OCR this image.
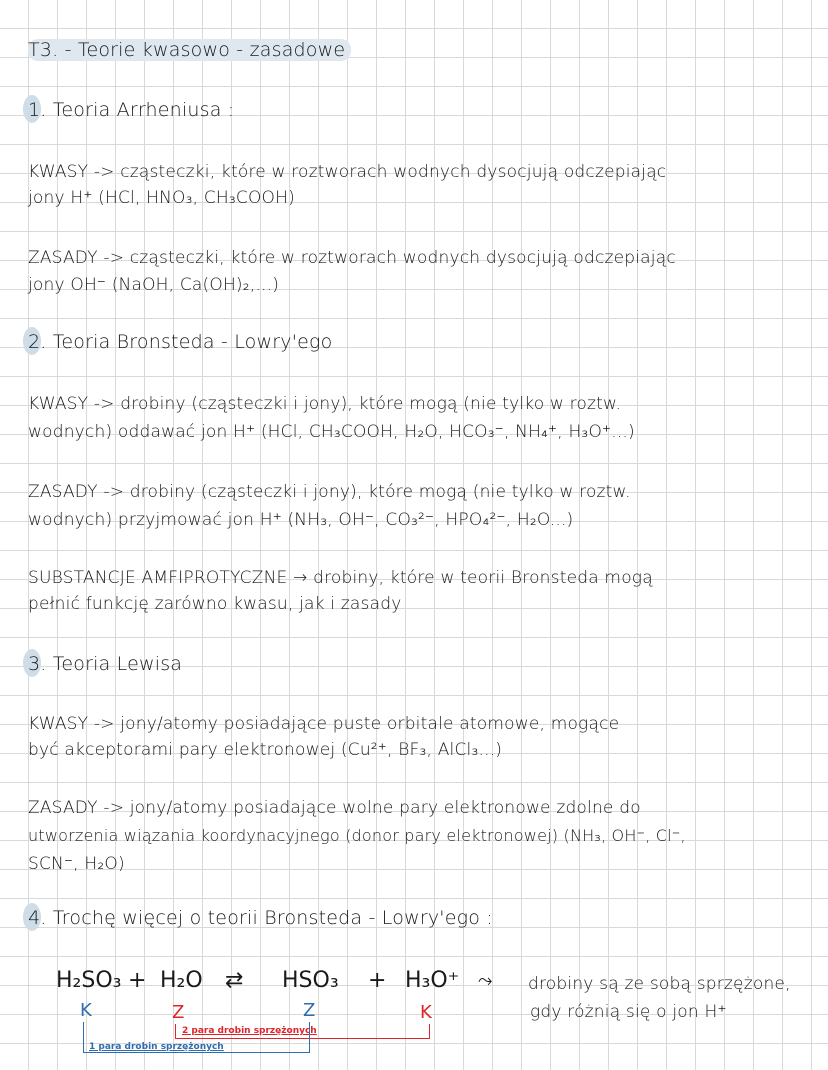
T3. - Teorie kwasowo - zasadowe
1. Teoria Arrheniusa :
KWASY -> cząsteczki, które w roztworach wodnych dysocjują odczepiając
jony H⁺ (HCl, HNO₃, CH₃COOH)
ZASADY -> cząsteczki, które w roztworach wodnych dysocjują odczepiając
jony OH⁻ (NaOH, Ca(OH)₂,...)
2. Teoria Bronsteda - Lowry'ego
KWASY -> drobiny (cząsteczki i jony), które mogą (nie tylko w roztw.
wodnych) oddawać jon H⁺ (HCl, CH₃COOH, H₂O, HCO₃⁻, NH₄⁺, H₃O⁺...)
ZASADY -> drobiny (cząsteczki i jony), które mogą (nie tylko w roztw.
wodnych) przyjmować jon H⁺ (NH₃, OH⁻, CO₃²⁻, HPO₄²⁻, H₂O...)
SUBSTANCJE AMFIPROTYCZNE → drobiny, które w teorii Bronsteda mogą
pełnić funkcję zarówno kwasu, jak i zasady
3. Teoria Lewisa
KWASY -> jony/atomy posiadające puste orbitale atomowe, mogące
być akceptorami pary elektronowej (Cu²⁺, BF₃, AlCl₃...)
ZASADY -> jony/atomy posiadające wolne pary elektronowe zdolne do
utworzenia wiązania koordynacyjnego (donor pary elektronowej) (NH₃, OH⁻, Cl⁻,
SCN⁻, H₂O)
4. Trochę więcej o teorii Bronsteda - Lowry'ego :
H₂SO₃ + H₂O ⇄ HSO₃ + H₃O⁺
K	Z	Z	K
2 para drobin sprzężonych
1 para drobin sprzężonych
⤳ drobiny są ze sobą sprzężone,
gdy różnią się o jon H⁺
